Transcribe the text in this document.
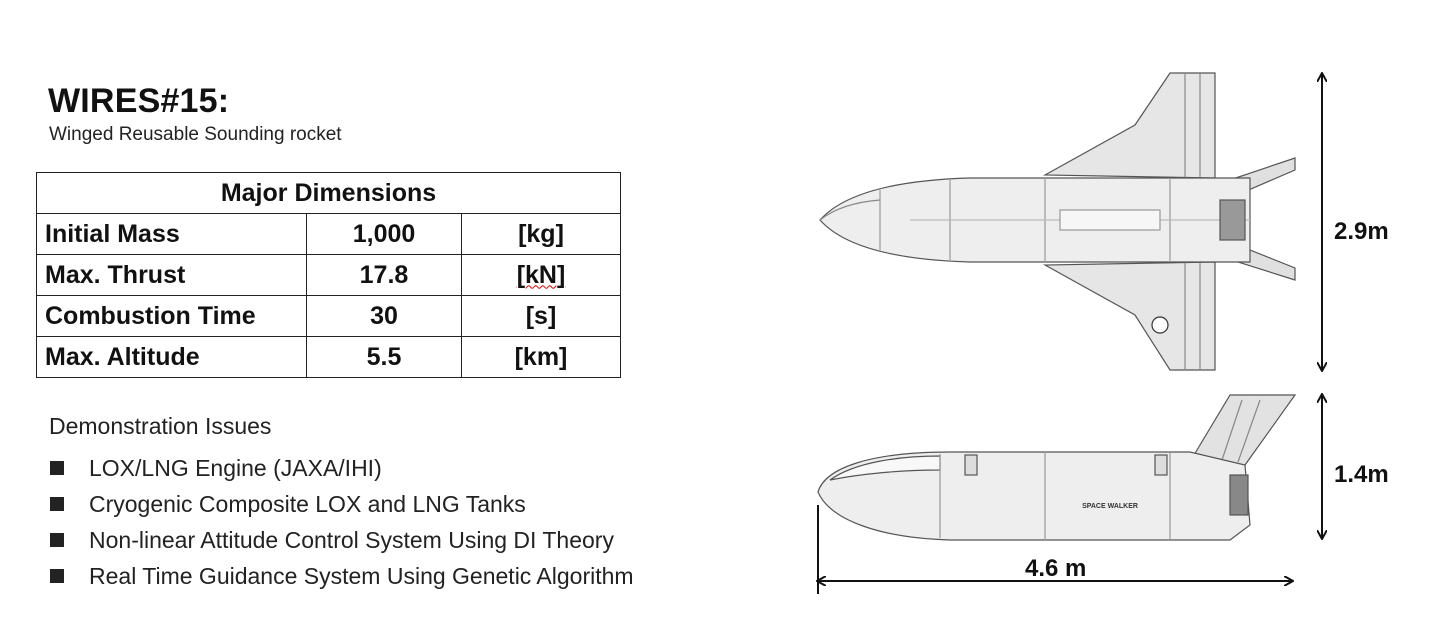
WIRES#15:
Winged Reusable Sounding rocket
Major Dimensions		
Initial Mass	1,000	[kg]
Max. Thrust	17.8	[kN]
Combustion Time	30	[s]
Max. Altitude	5.5	[km]
Demonstration Issues
LOX/LNG Engine (JAXA/IHI)
Cryogenic Composite LOX and LNG Tanks
Non-linear Attitude Control System Using DI Theory
Real Time Guidance System Using Genetic Algorithm
SPACE WALKER
2.9m
1.4m
4.6 m
